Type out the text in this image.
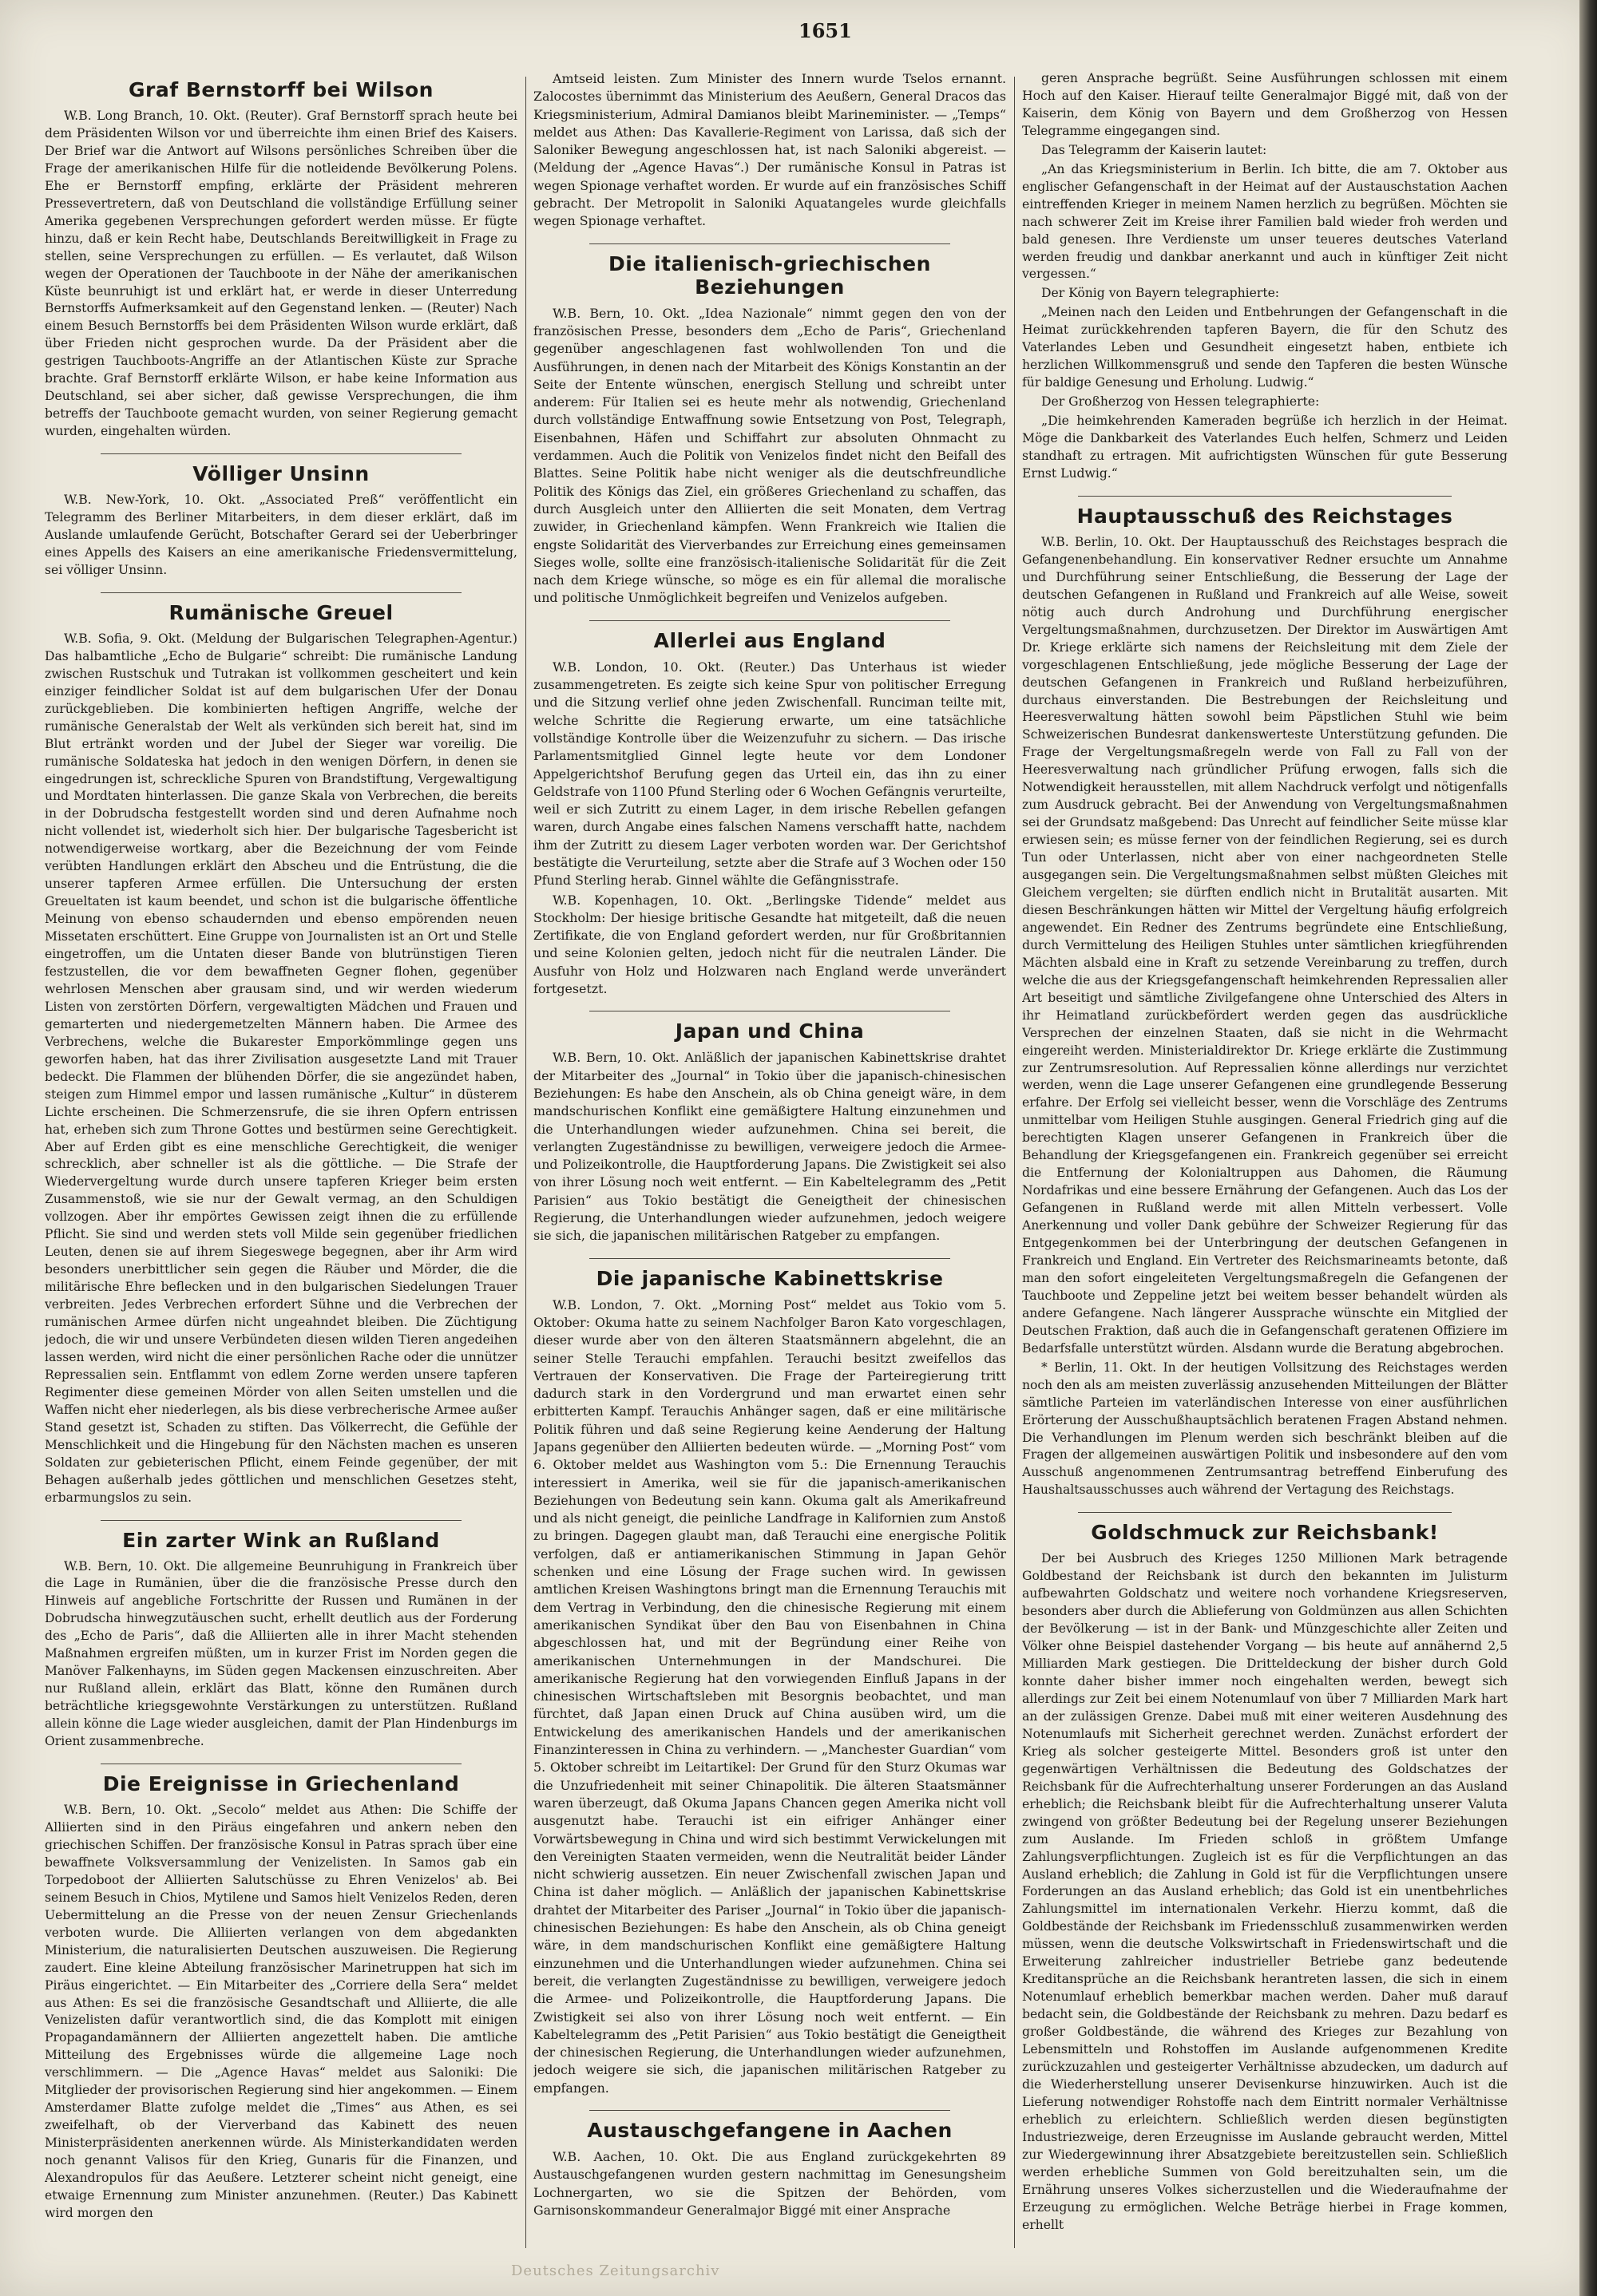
1651
Graf Bernstorff bei Wilson

W.B. Long Branch, 10. Okt. (Reuter). Graf Bernstorff sprach heute bei dem Präsidenten Wilson vor und überreichte ihm einen Brief des Kaisers. Der Brief war die Antwort auf Wilsons persönliches Schreiben über die Frage der amerikanischen Hilfe für die notleidende Bevölkerung Polens. Ehe er Bernstorff empfing, erklärte der Präsident mehreren Pressevertretern, daß von Deutschland die vollständige Erfüllung seiner Amerika gegebenen Versprechungen gefordert werden müsse. Er fügte hinzu, daß er kein Recht habe, Deutschlands Bereitwilligkeit in Frage zu stellen, seine Versprechungen zu erfüllen. — Es verlautet, daß Wilson wegen der Operationen der Tauchboote in der Nähe der amerikanischen Küste beunruhigt ist und erklärt hat, er werde in dieser Unterredung Bernstorffs Aufmerksamkeit auf den Gegenstand lenken. — (Reuter) Nach einem Besuch Bernstorffs bei dem Präsidenten Wilson wurde erklärt, daß über Frieden nicht gesprochen wurde. Da der Präsident aber die gestrigen Tauchboots-Angriffe an der Atlantischen Küste zur Sprache brachte. Graf Bernstorff erklärte Wilson, er habe keine Information aus Deutschland, sei aber sicher, daß gewisse Versprechungen, die ihm betreffs der Tauchboote gemacht wurden, von seiner Regierung gemacht wurden, eingehalten würden.

Völliger Unsinn

W.B. New-York, 10. Okt. „Associated Preß“ veröffentlicht ein Telegramm des Berliner Mitarbeiters, in dem dieser erklärt, daß im Auslande umlaufende Gerücht, Botschafter Gerard sei der Ueberbringer eines Appells des Kaisers an eine amerikanische Friedensvermittelung, sei völliger Unsinn.

Rumänische Greuel

W.B. Sofia, 9. Okt. (Meldung der Bulgarischen Telegraphen-Agentur.) Das halbamtliche „Echo de Bulgarie“ schreibt: Die rumänische Landung zwischen Rustschuk und Tutrakan ist vollkommen gescheitert und kein einziger feindlicher Soldat ist auf dem bulgarischen Ufer der Donau zurückgeblieben. Die kombinierten heftigen Angriffe, welche der rumänische Generalstab der Welt als verkünden sich bereit hat, sind im Blut ertränkt worden und der Jubel der Sieger war voreilig. Die rumänische Soldateska hat jedoch in den wenigen Dörfern, in denen sie eingedrungen ist, schreckliche Spuren von Brandstiftung, Vergewaltigung und Mordtaten hinterlassen. Die ganze Skala von Verbrechen, die bereits in der Dobrudscha festgestellt worden sind und deren Aufnahme noch nicht vollendet ist, wiederholt sich hier. Der bulgarische Tagesbericht ist notwendigerweise wortkarg, aber die Bezeichnung der vom Feinde verübten Handlungen erklärt den Abscheu und die Entrüstung, die die unserer tapferen Armee erfüllen. Die Untersuchung der ersten Greueltaten ist kaum beendet, und schon ist die bulgarische öffentliche Meinung von ebenso schaudernden und ebenso empörenden neuen Missetaten erschüttert. Eine Gruppe von Journalisten ist an Ort und Stelle eingetroffen, um die Untaten dieser Bande von blutrünstigen Tieren festzustellen, die vor dem bewaffneten Gegner flohen, gegenüber wehrlosen Menschen aber grausam sind, und wir werden wiederum Listen von zerstörten Dörfern, vergewaltigten Mädchen und Frauen und gemarterten und niedergemetzelten Männern haben. Die Armee des Verbrechens, welche die Bukarester Emporkömmlinge gegen uns geworfen haben, hat das ihrer Zivilisation ausgesetzte Land mit Trauer bedeckt. Die Flammen der blühenden Dörfer, die sie angezündet haben, steigen zum Himmel empor und lassen rumänische „Kultur“ in düsterem Lichte erscheinen. Die Schmerzensrufe, die sie ihren Opfern entrissen hat, erheben sich zum Throne Gottes und bestürmen seine Gerechtigkeit. Aber auf Erden gibt es eine menschliche Gerechtigkeit, die weniger schrecklich, aber schneller ist als die göttliche. — Die Strafe der Wiedervergeltung wurde durch unsere tapferen Krieger beim ersten Zusammenstoß, wie sie nur der Gewalt vermag, an den Schuldigen vollzogen. Aber ihr empörtes Gewissen zeigt ihnen die zu erfüllende Pflicht. Sie sind und werden stets voll Milde sein gegenüber friedlichen Leuten, denen sie auf ihrem Siegeswege begegnen, aber ihr Arm wird besonders unerbittlicher sein gegen die Räuber und Mörder, die die militärische Ehre beflecken und in den bulgarischen Siedelungen Trauer verbreiten. Jedes Verbrechen erfordert Sühne und die Verbrechen der rumänischen Armee dürfen nicht ungeahndet bleiben. Die Züchtigung jedoch, die wir und unsere Verbündeten diesen wilden Tieren angedeihen lassen werden, wird nicht die einer persönlichen Rache oder die unnützer Repressalien sein. Entflammt von edlem Zorne werden unsere tapferen Regimenter diese gemeinen Mörder von allen Seiten umstellen und die Waffen nicht eher niederlegen, als bis diese verbrecherische Armee außer Stand gesetzt ist, Schaden zu stiften. Das Völkerrecht, die Gefühle der Menschlichkeit und die Hingebung für den Nächsten machen es unseren Soldaten zur gebieterischen Pflicht, einem Feinde gegenüber, der mit Behagen außerhalb jedes göttlichen und menschlichen Gesetzes steht, erbarmungslos zu sein.

Ein zarter Wink an Rußland

W.B. Bern, 10. Okt. Die allgemeine Beunruhigung in Frankreich über die Lage in Rumänien, über die die französische Presse durch den Hinweis auf angebliche Fortschritte der Russen und Rumänen in der Dobrudscha hinwegzutäuschen sucht, erhellt deutlich aus der Forderung des „Echo de Paris“, daß die Alliierten alle in ihrer Macht stehenden Maßnahmen ergreifen müßten, um in kurzer Frist im Norden gegen die Manöver Falkenhayns, im Süden gegen Mackensen einzuschreiten. Aber nur Rußland allein, erklärt das Blatt, könne den Rumänen durch beträchtliche kriegsgewohnte Verstärkungen zu unterstützen. Rußland allein könne die Lage wieder ausgleichen, damit der Plan Hindenburgs im Orient zusammenbreche.

Die Ereignisse in Griechenland

W.B. Bern, 10. Okt. „Secolo“ meldet aus Athen: Die Schiffe der Alliierten sind in den Piräus eingefahren und ankern neben den griechischen Schiffen. Der französische Konsul in Patras sprach über eine bewaffnete Volksversammlung der Venizelisten. In Samos gab ein Torpedoboot der Alliierten Salutschüsse zu Ehren Venizelos' ab. Bei seinem Besuch in Chios, Mytilene und Samos hielt Venizelos Reden, deren Uebermittelung an die Presse von der neuen Zensur Griechenlands verboten wurde. Die Alliierten verlangen von dem abgedankten Ministerium, die naturalisierten Deutschen auszuweisen. Die Regierung zaudert. Eine kleine Abteilung französischer Marinetruppen hat sich im Piräus eingerichtet. — Ein Mitarbeiter des „Corriere della Sera“ meldet aus Athen: Es sei die französische Gesandtschaft und Alliierte, die alle Venizelisten dafür verantwortlich sind, die das Komplott mit einigen Propagandamännern der Alliierten angezettelt haben. Die amtliche Mitteilung des Ergebnisses würde die allgemeine Lage noch verschlimmern. — Die „Agence Havas“ meldet aus Saloniki: Die Mitglieder der provisorischen Regierung sind hier angekommen. — Einem Amsterdamer Blatte zufolge meldet die „Times“ aus Athen, es sei zweifelhaft, ob der Vierverband das Kabinett des neuen Ministerpräsidenten anerkennen würde. Als Ministerkandidaten werden noch genannt Valisos für den Krieg, Gunaris für die Finanzen, und Alexandropulos für das Aeußere. Letzterer scheint nicht geneigt, eine etwaige Ernennung zum Minister anzunehmen. (Reuter.) Das Kabinett wird morgen den

Amtseid leisten. Zum Minister des Innern wurde Tselos ernannt. Zalocostes übernimmt das Ministerium des Aeußern, General Dracos das Kriegsministerium, Admiral Damianos bleibt Marineminister. — „Temps“ meldet aus Athen: Das Kavallerie-Regiment von Larissa, daß sich der Saloniker Bewegung angeschlossen hat, ist nach Saloniki abgereist. — (Meldung der „Agence Havas“.) Der rumänische Konsul in Patras ist wegen Spionage verhaftet worden. Er wurde auf ein französisches Schiff gebracht. Der Metropolit in Saloniki Aquatangeles wurde gleichfalls wegen Spionage verhaftet.

Die italienisch-griechischen Beziehungen

W.B. Bern, 10. Okt. „Idea Nazionale“ nimmt gegen den von der französischen Presse, besonders dem „Echo de Paris“, Griechenland gegenüber angeschlagenen fast wohlwollenden Ton und die Ausführungen, in denen nach der Mitarbeit des Königs Konstantin an der Seite der Entente wünschen, energisch Stellung und schreibt unter anderem: Für Italien sei es heute mehr als notwendig, Griechenland durch vollständige Entwaffnung sowie Entsetzung von Post, Telegraph, Eisenbahnen, Häfen und Schiffahrt zur absoluten Ohnmacht zu verdammen. Auch die Politik von Venizelos findet nicht den Beifall des Blattes. Seine Politik habe nicht weniger als die deutschfreundliche Politik des Königs das Ziel, ein größeres Griechenland zu schaffen, das durch Ausgleich unter den Alliierten die seit Monaten, dem Vertrag zuwider, in Griechenland kämpfen. Wenn Frankreich wie Italien die engste Solidarität des Vierverbandes zur Erreichung eines gemeinsamen Sieges wolle, sollte eine französisch-italienische Solidarität für die Zeit nach dem Kriege wünsche, so möge es ein für allemal die moralische und politische Unmöglichkeit begreifen und Venizelos aufgeben.

Allerlei aus England

W.B. London, 10. Okt. (Reuter.) Das Unterhaus ist wieder zusammengetreten. Es zeigte sich keine Spur von politischer Erregung und die Sitzung verlief ohne jeden Zwischenfall. Runciman teilte mit, welche Schritte die Regierung erwarte, um eine tatsächliche vollständige Kontrolle über die Weizenzufuhr zu sichern. — Das irische Parlamentsmitglied Ginnel legte heute vor dem Londoner Appelgerichtshof Berufung gegen das Urteil ein, das ihn zu einer Geldstrafe von 1100 Pfund Sterling oder 6 Wochen Gefängnis verurteilte, weil er sich Zutritt zu einem Lager, in dem irische Rebellen gefangen waren, durch Angabe eines falschen Namens verschafft hatte, nachdem ihm der Zutritt zu diesem Lager verboten worden war. Der Gerichtshof bestätigte die Verurteilung, setzte aber die Strafe auf 3 Wochen oder 150 Pfund Sterling herab. Ginnel wählte die Gefängnisstrafe.

W.B. Kopenhagen, 10. Okt. „Berlingske Tidende“ meldet aus Stockholm: Der hiesige britische Gesandte hat mitgeteilt, daß die neuen Zertifikate, die von England gefordert werden, nur für Großbritannien und seine Kolonien gelten, jedoch nicht für die neutralen Länder. Die Ausfuhr von Holz und Holzwaren nach England werde unverändert fortgesetzt.

Japan und China

W.B. Bern, 10. Okt. Anläßlich der japanischen Kabinettskrise drahtet der Mitarbeiter des „Journal“ in Tokio über die japanisch-chinesischen Beziehungen: Es habe den Anschein, als ob China geneigt wäre, in dem mandschurischen Konflikt eine gemäßigtere Haltung einzunehmen und die Unterhandlungen wieder aufzunehmen. China sei bereit, die verlangten Zugeständnisse zu bewilligen, verweigere jedoch die Armee- und Polizeikontrolle, die Hauptforderung Japans. Die Zwistigkeit sei also von ihrer Lösung noch weit entfernt. — Ein Kabeltelegramm des „Petit Parisien“ aus Tokio bestätigt die Geneigtheit der chinesischen Regierung, die Unterhandlungen wieder aufzunehmen, jedoch weigere sie sich, die japanischen militärischen Ratgeber zu empfangen.

Die japanische Kabinettskrise

W.B. London, 7. Okt. „Morning Post“ meldet aus Tokio vom 5. Oktober: Okuma hatte zu seinem Nachfolger Baron Kato vorgeschlagen, dieser wurde aber von den älteren Staatsmännern abgelehnt, die an seiner Stelle Terauchi empfahlen. Terauchi besitzt zweifellos das Vertrauen der Konservativen. Die Frage der Parteiregierung tritt dadurch stark in den Vordergrund und man erwartet einen sehr erbitterten Kampf. Terauchis Anhänger sagen, daß er eine militärische Politik führen und daß seine Regierung keine Aenderung der Haltung Japans gegenüber den Alliierten bedeuten würde. — „Morning Post“ vom 6. Oktober meldet aus Washington vom 5.: Die Ernennung Terauchis interessiert in Amerika, weil sie für die japanisch-amerikanischen Beziehungen von Bedeutung sein kann. Okuma galt als Amerikafreund und als nicht geneigt, die peinliche Landfrage in Kalifornien zum Anstoß zu bringen. Dagegen glaubt man, daß Terauchi eine energische Politik verfolgen, daß er antiamerikanischen Stimmung in Japan Gehör schenken und eine Lösung der Frage suchen wird. In gewissen amtlichen Kreisen Washingtons bringt man die Ernennung Terauchis mit dem Vertrag in Verbindung, den die chinesische Regierung mit einem amerikanischen Syndikat über den Bau von Eisenbahnen in China abgeschlossen hat, und mit der Begründung einer Reihe von amerikanischen Unternehmungen in der Mandschurei. Die amerikanische Regierung hat den vorwiegenden Einfluß Japans in der chinesischen Wirtschaftsleben mit Besorgnis beobachtet, und man fürchtet, daß Japan einen Druck auf China ausüben wird, um die Entwickelung des amerikanischen Handels und der amerikanischen Finanzinteressen in China zu verhindern. — „Manchester Guardian“ vom 5. Oktober schreibt im Leitartikel: Der Grund für den Sturz Okumas war die Unzufriedenheit mit seiner Chinapolitik. Die älteren Staatsmänner waren überzeugt, daß Okuma Japans Chancen gegen Amerika nicht voll ausgenutzt habe. Terauchi ist ein eifriger Anhänger einer Vorwärtsbewegung in China und wird sich bestimmt Verwickelungen mit den Vereinigten Staaten vermeiden, wenn die Neutralität beider Länder nicht schwierig aussetzen. Ein neuer Zwischenfall zwischen Japan und China ist daher möglich. — Anläßlich der japanischen Kabinettskrise drahtet der Mitarbeiter des Pariser „Journal“ in Tokio über die japanisch-chinesischen Beziehungen: Es habe den Anschein, als ob China geneigt wäre, in dem mandschurischen Konflikt eine gemäßigtere Haltung einzunehmen und die Unterhandlungen wieder aufzunehmen. China sei bereit, die verlangten Zugeständnisse zu bewilligen, verweigere jedoch die Armee- und Polizeikontrolle, die Hauptforderung Japans. Die Zwistigkeit sei also von ihrer Lösung noch weit entfernt. — Ein Kabeltelegramm des „Petit Parisien“ aus Tokio bestätigt die Geneigtheit der chinesischen Regierung, die Unterhandlungen wieder aufzunehmen, jedoch weigere sie sich, die japanischen militärischen Ratgeber zu empfangen.

Austauschgefangene in Aachen

W.B. Aachen, 10. Okt. Die aus England zurückgekehrten 89 Austauschgefangenen wurden gestern nachmittag im Genesungsheim Lochnergarten, wo sie die Spitzen der Behörden, vom Garnisonskommandeur Generalmajor Biggé mit einer Ansprache

geren Ansprache begrüßt. Seine Ausführungen schlossen mit einem Hoch auf den Kaiser. Hierauf teilte Generalmajor Biggé mit, daß von der Kaiserin, dem König von Bayern und dem Großherzog von Hessen Telegramme eingegangen sind.

Das Telegramm der Kaiserin lautet:

„An das Kriegsministerium in Berlin. Ich bitte, die am 7. Oktober aus englischer Gefangenschaft in der Heimat auf der Austauschstation Aachen eintreffenden Krieger in meinem Namen herzlich zu begrüßen. Möchten sie nach schwerer Zeit im Kreise ihrer Familien bald wieder froh werden und bald genesen. Ihre Verdienste um unser teueres deutsches Vaterland werden freudig und dankbar anerkannt und auch in künftiger Zeit nicht vergessen.“

Der König von Bayern telegraphierte:

„Meinen nach den Leiden und Entbehrungen der Gefangenschaft in die Heimat zurückkehrenden tapferen Bayern, die für den Schutz des Vaterlandes Leben und Gesundheit eingesetzt haben, entbiete ich herzlichen Willkommensgruß und sende den Tapferen die besten Wünsche für baldige Genesung und Erholung. Ludwig.“

Der Großherzog von Hessen telegraphierte:

„Die heimkehrenden Kameraden begrüße ich herzlich in der Heimat. Möge die Dankbarkeit des Vaterlandes Euch helfen, Schmerz und Leiden standhaft zu ertragen. Mit aufrichtigsten Wünschen für gute Besserung Ernst Ludwig.“

Hauptausschuß des Reichstages

W.B. Berlin, 10. Okt. Der Hauptausschuß des Reichstages besprach die Gefangenenbehandlung. Ein konservativer Redner ersuchte um Annahme und Durchführung seiner Entschließung, die Besserung der Lage der deutschen Gefangenen in Rußland und Frankreich auf alle Weise, soweit nötig auch durch Androhung und Durchführung energischer Vergeltungsmaßnahmen, durchzusetzen. Der Direktor im Auswärtigen Amt Dr. Kriege erklärte sich namens der Reichsleitung mit dem Ziele der vorgeschlagenen Entschließung, jede mögliche Besserung der Lage der deutschen Gefangenen in Frankreich und Rußland herbeizuführen, durchaus einverstanden. Die Bestrebungen der Reichsleitung und Heeresverwaltung hätten sowohl beim Päpstlichen Stuhl wie beim Schweizerischen Bundesrat dankenswerteste Unterstützung gefunden. Die Frage der Vergeltungsmaßregeln werde von Fall zu Fall von der Heeresverwaltung nach gründlicher Prüfung erwogen, falls sich die Notwendigkeit herausstellen, mit allem Nachdruck verfolgt und nötigenfalls zum Ausdruck gebracht. Bei der Anwendung von Vergeltungsmaßnahmen sei der Grundsatz maßgebend: Das Unrecht auf feindlicher Seite müsse klar erwiesen sein; es müsse ferner von der feindlichen Regierung, sei es durch Tun oder Unterlassen, nicht aber von einer nachgeordneten Stelle ausgegangen sein. Die Vergeltungsmaßnahmen selbst müßten Gleiches mit Gleichem vergelten; sie dürften endlich nicht in Brutalität ausarten. Mit diesen Beschränkungen hätten wir Mittel der Vergeltung häufig erfolgreich angewendet. Ein Redner des Zentrums begründete eine Entschließung, durch Vermittelung des Heiligen Stuhles unter sämtlichen kriegführenden Mächten alsbald eine in Kraft zu setzende Vereinbarung zu treffen, durch welche die aus der Kriegsgefangenschaft heimkehrenden Repressalien aller Art beseitigt und sämtliche Zivilgefangene ohne Unterschied des Alters in ihr Heimatland zurückbefördert werden gegen das ausdrückliche Versprechen der einzelnen Staaten, daß sie nicht in die Wehrmacht eingereiht werden. Ministerialdirektor Dr. Kriege erklärte die Zustimmung zur Zentrumsresolution. Auf Repressalien könne allerdings nur verzichtet werden, wenn die Lage unserer Gefangenen eine grundlegende Besserung erfahre. Der Erfolg sei vielleicht besser, wenn die Vorschläge des Zentrums unmittelbar vom Heiligen Stuhle ausgingen. General Friedrich ging auf die berechtigten Klagen unserer Gefangenen in Frankreich über die Behandlung der Kriegsgefangenen ein. Frankreich gegenüber sei erreicht die Entfernung der Kolonialtruppen aus Dahomen, die Räumung Nordafrikas und eine bessere Ernährung der Gefangenen. Auch das Los der Gefangenen in Rußland werde mit allen Mitteln verbessert. Volle Anerkennung und voller Dank gebühre der Schweizer Regierung für das Entgegenkommen bei der Unterbringung der deutschen Gefangenen in Frankreich und England. Ein Vertreter des Reichsmarineamts betonte, daß man den sofort eingeleiteten Vergeltungsmaßregeln die Gefangenen der Tauchboote und Zeppeline jetzt bei weitem besser behandelt würden als andere Gefangene. Nach längerer Aussprache wünschte ein Mitglied der Deutschen Fraktion, daß auch die in Gefangenschaft geratenen Offiziere im Bedarfsfalle unterstützt würden. Alsdann wurde die Beratung abgebrochen.

* Berlin, 11. Okt. In der heutigen Vollsitzung des Reichstages werden noch den als am meisten zuverlässig anzusehenden Mitteilungen der Blätter sämtliche Parteien im vaterländischen Interesse von einer ausführlichen Erörterung der Ausschußhauptsächlich beratenen Fragen Abstand nehmen. Die Verhandlungen im Plenum werden sich beschränkt bleiben auf die Fragen der allgemeinen auswärtigen Politik und insbesondere auf den vom Ausschuß angenommenen Zentrumsantrag betreffend Einberufung des Haushaltsausschusses auch während der Vertagung des Reichstags.

Goldschmuck zur Reichsbank!

Der bei Ausbruch des Krieges 1250 Millionen Mark betragende Goldbestand der Reichsbank ist durch den bekannten im Julisturm aufbewahrten Goldschatz und weitere noch vorhandene Kriegsreserven, besonders aber durch die Ablieferung von Goldmünzen aus allen Schichten der Bevölkerung — ist in der Bank- und Münzgeschichte aller Zeiten und Völker ohne Beispiel dastehender Vorgang — bis heute auf annähernd 2,5 Milliarden Mark gestiegen. Die Dritteldeckung der bisher durch Gold konnte daher bisher immer noch eingehalten werden, bewegt sich allerdings zur Zeit bei einem Notenumlauf von über 7 Milliarden Mark hart an der zulässigen Grenze. Dabei muß mit einer weiteren Ausdehnung des Notenumlaufs mit Sicherheit gerechnet werden. Zunächst erfordert der Krieg als solcher gesteigerte Mittel. Besonders groß ist unter den gegenwärtigen Verhältnissen die Bedeutung des Goldschatzes der Reichsbank für die Aufrechterhaltung unserer Forderungen an das Ausland erheblich; die Reichsbank bleibt für die Aufrechterhaltung unserer Valuta zwingend von größter Bedeutung bei der Regelung unserer Beziehungen zum Auslande. Im Frieden schloß in größtem Umfange Zahlungsverpflichtungen. Zugleich ist es für die Verpflichtungen an das Ausland erheblich; die Zahlung in Gold ist für die Verpflichtungen unsere Forderungen an das Ausland erheblich; das Gold ist ein unentbehrliches Zahlungsmittel im internationalen Verkehr. Hierzu kommt, daß die Goldbestände der Reichsbank im Friedensschluß zusammenwirken werden müssen, wenn die deutsche Volkswirtschaft in Friedenswirtschaft und die Erweiterung zahlreicher industrieller Betriebe ganz bedeutende Kreditansprüche an die Reichsbank herantreten lassen, die sich in einem Notenumlauf erheblich bemerkbar machen werden. Daher muß darauf bedacht sein, die Goldbestände der Reichsbank zu mehren. Dazu bedarf es großer Goldbestände, die während des Krieges zur Bezahlung von Lebensmitteln und Rohstoffen im Auslande aufgenommenen Kredite zurückzuzahlen und gesteigerter Verhältnisse abzudecken, um dadurch auf die Wiederherstellung unserer Devisenkurse hinzuwirken. Auch ist die Lieferung notwendiger Rohstoffe nach dem Eintritt normaler Verhältnisse erheblich zu erleichtern. Schließlich werden diesen begünstigten Industriezweige, deren Erzeugnisse im Auslande gebraucht werden, Mittel zur Wiedergewinnung ihrer Absatzgebiete bereitzustellen sein. Schließlich werden erhebliche Summen von Gold bereitzuhalten sein, um die Ernährung unseres Volkes sicherzustellen und die Wiederaufnahme der Erzeugung zu ermöglichen. Welche Beträge hierbei in Frage kommen, erhellt

Deutsches Zeitungsarchiv
